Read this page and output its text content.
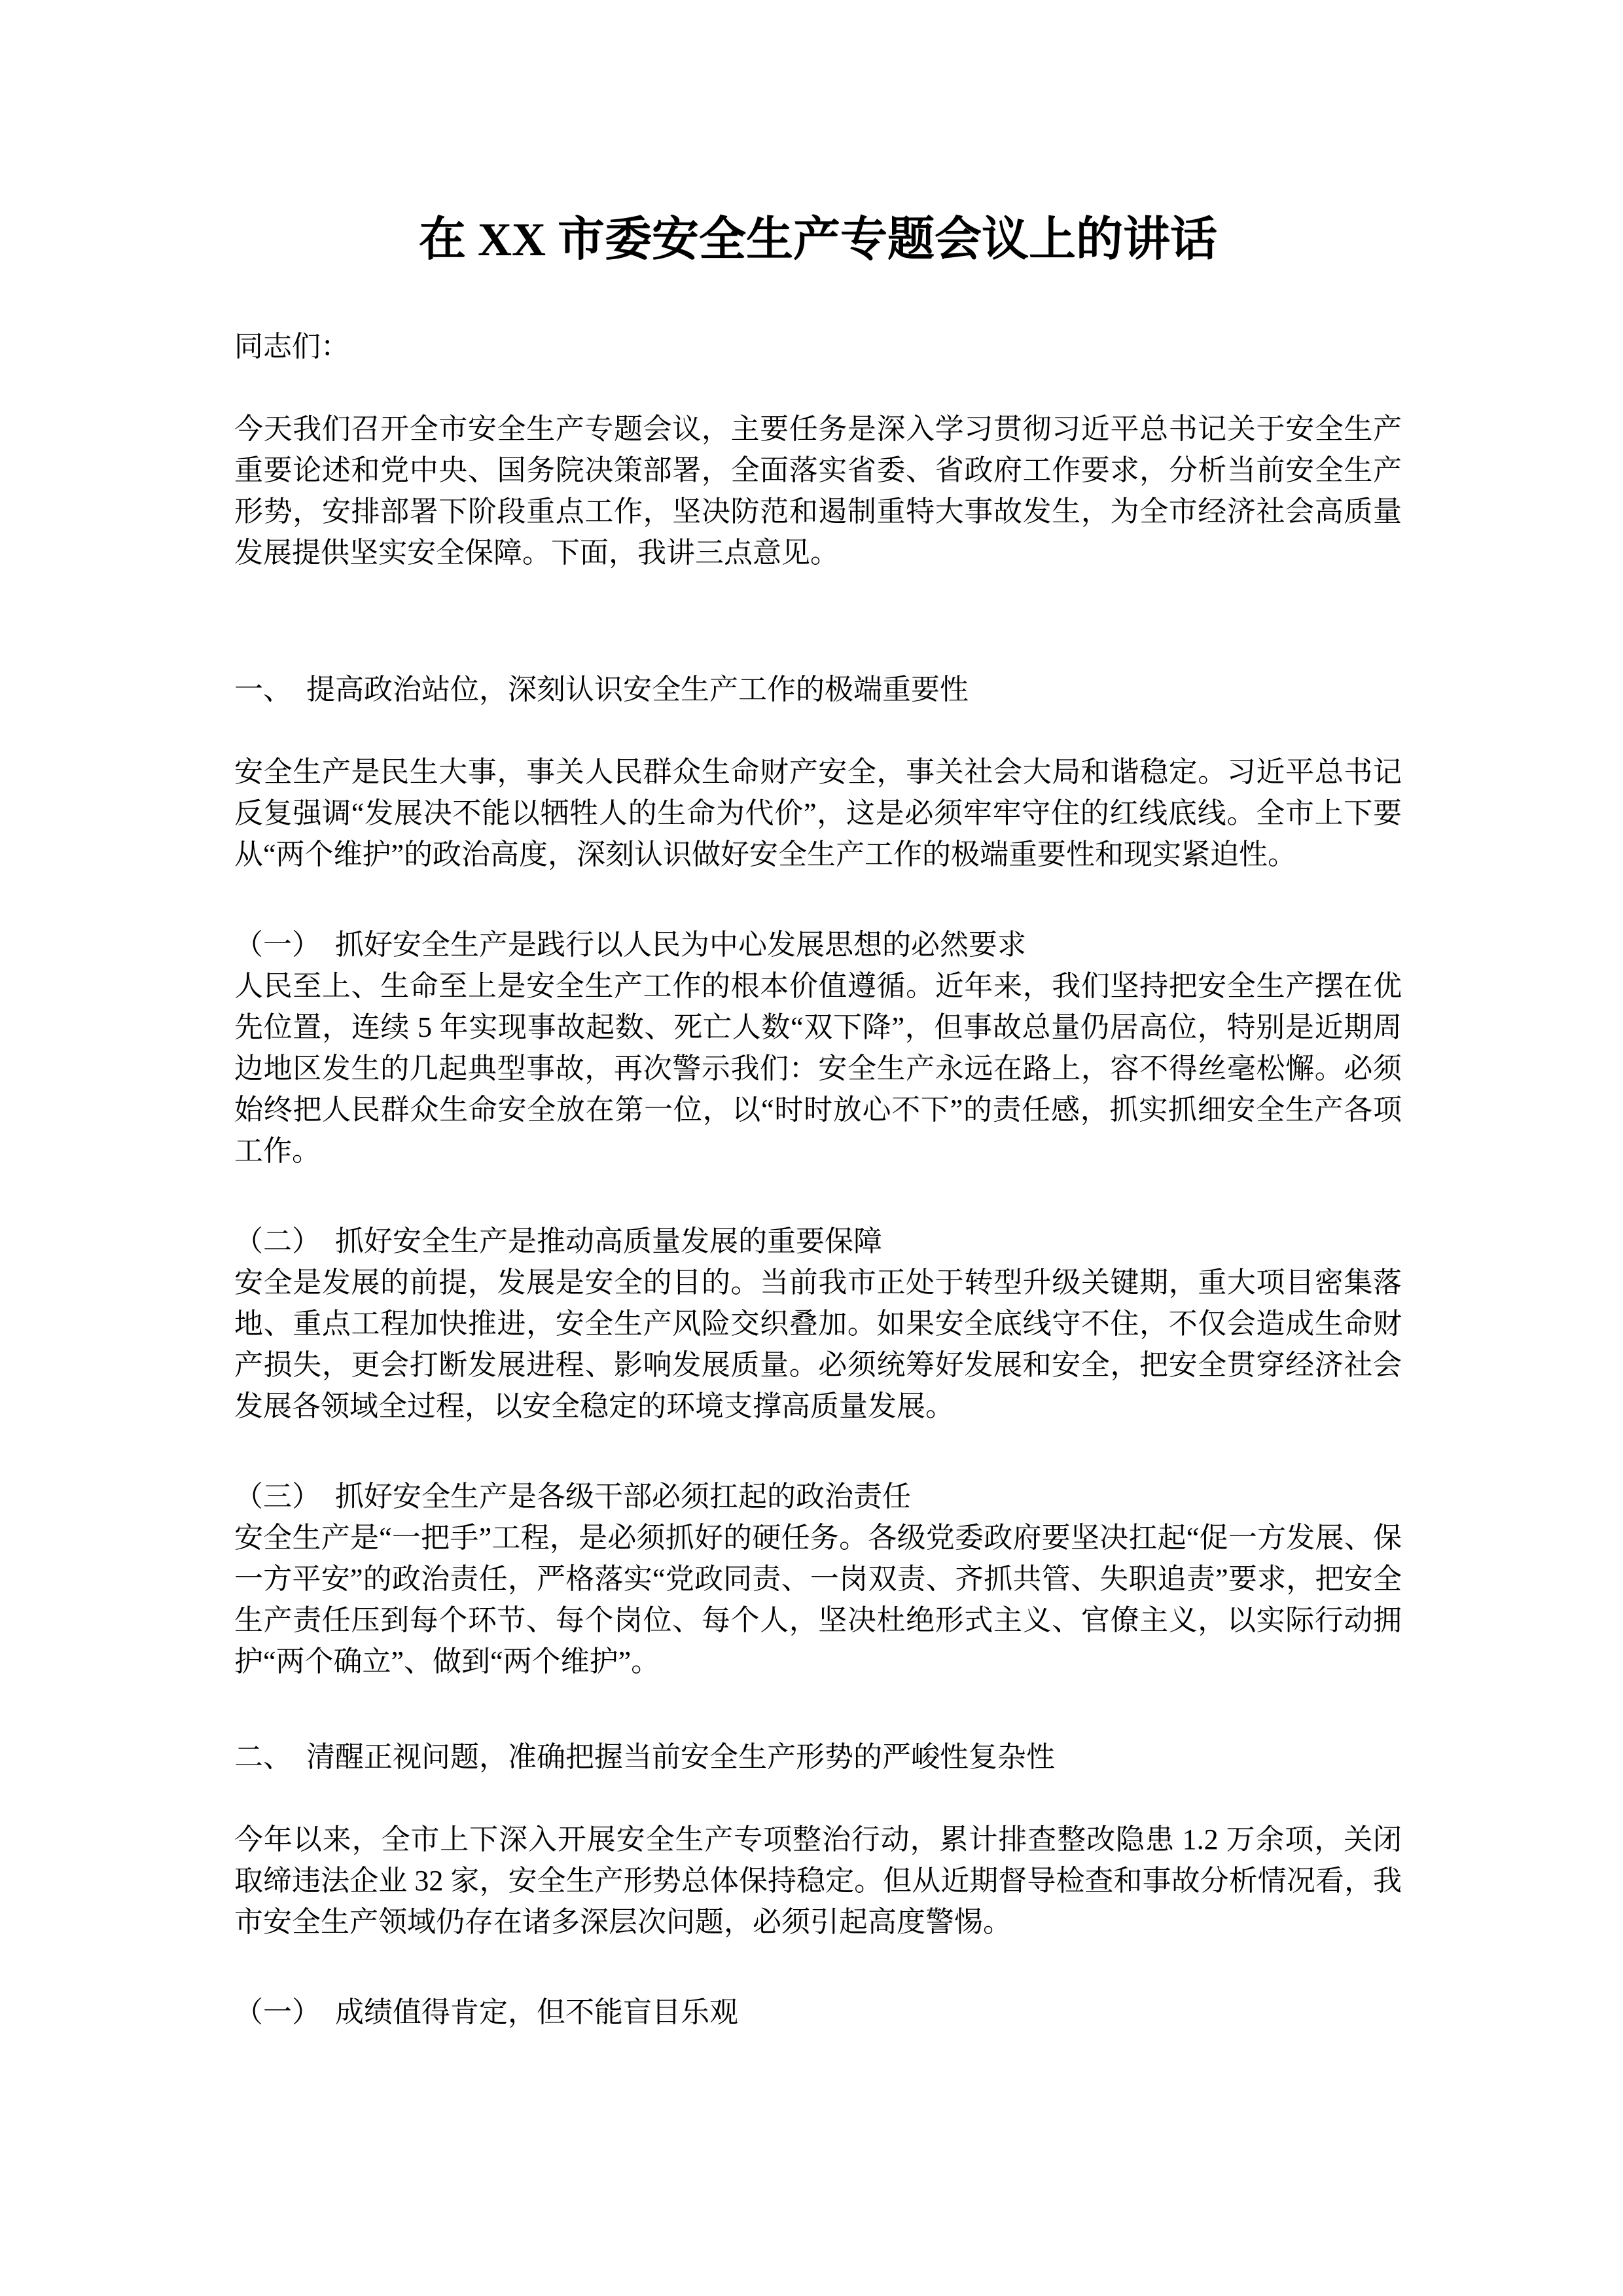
在 XX 市委安全生产专题会议上的讲话
同志们：
今天我们召开全市安全生产专题会议，主要任务是深入学习贯彻习近平总书记关于安全生产重要论述和党中央、国务院决策部署，全面落实省委、省政府工作要求，分析当前安全生产形势，安排部署下阶段重点工作，坚决防范和遏制重特大事故发生，为全市经济社会高质量发展提供坚实安全保障。下面，我讲三点意见。
一、　提高政治站位，深刻认识安全生产工作的极端重要性
安全生产是民生大事，事关人民群众生命财产安全，事关社会大局和谐稳定。习近平总书记反复强调“发展决不能以牺牲人的生命为代价”，这是必须牢牢守住的红线底线。全市上下要从“两个维护”的政治高度，深刻认识做好安全生产工作的极端重要性和现实紧迫性。
（一）　抓好安全生产是践行以人民为中心发展思想的必然要求
人民至上、生命至上是安全生产工作的根本价值遵循。近年来，我们坚持把安全生产摆在优先位置，连续 5 年实现事故起数、死亡人数“双下降”，但事故总量仍居高位，特别是近期周边地区发生的几起典型事故，再次警示我们：安全生产永远在路上，容不得丝毫松懈。必须始终把人民群众生命安全放在第一位，以“时时放心不下”的责任感，抓实抓细安全生产各项工作。
（二）　抓好安全生产是推动高质量发展的重要保障
安全是发展的前提，发展是安全的目的。当前我市正处于转型升级关键期，重大项目密集落地、重点工程加快推进，安全生产风险交织叠加。如果安全底线守不住，不仅会造成生命财产损失，更会打断发展进程、影响发展质量。必须统筹好发展和安全，把安全贯穿经济社会发展各领域全过程，以安全稳定的环境支撑高质量发展。
（三）　抓好安全生产是各级干部必须扛起的政治责任
安全生产是“一把手”工程，是必须抓好的硬任务。各级党委政府要坚决扛起“促一方发展、保一方平安”的政治责任，严格落实“党政同责、一岗双责、齐抓共管、失职追责”要求，把安全生产责任压到每个环节、每个岗位、每个人，坚决杜绝形式主义、官僚主义，以实际行动拥护“两个确立”、做到“两个维护”。
二、　清醒正视问题，准确把握当前安全生产形势的严峻性复杂性
今年以来，全市上下深入开展安全生产专项整治行动，累计排查整改隐患 1.2 万余项，关闭取缔违法企业 32 家，安全生产形势总体保持稳定。但从近期督导检查和事故分析情况看，我市安全生产领域仍存在诸多深层次问题，必须引起高度警惕。
（一）　成绩值得肯定，但不能盲目乐观
